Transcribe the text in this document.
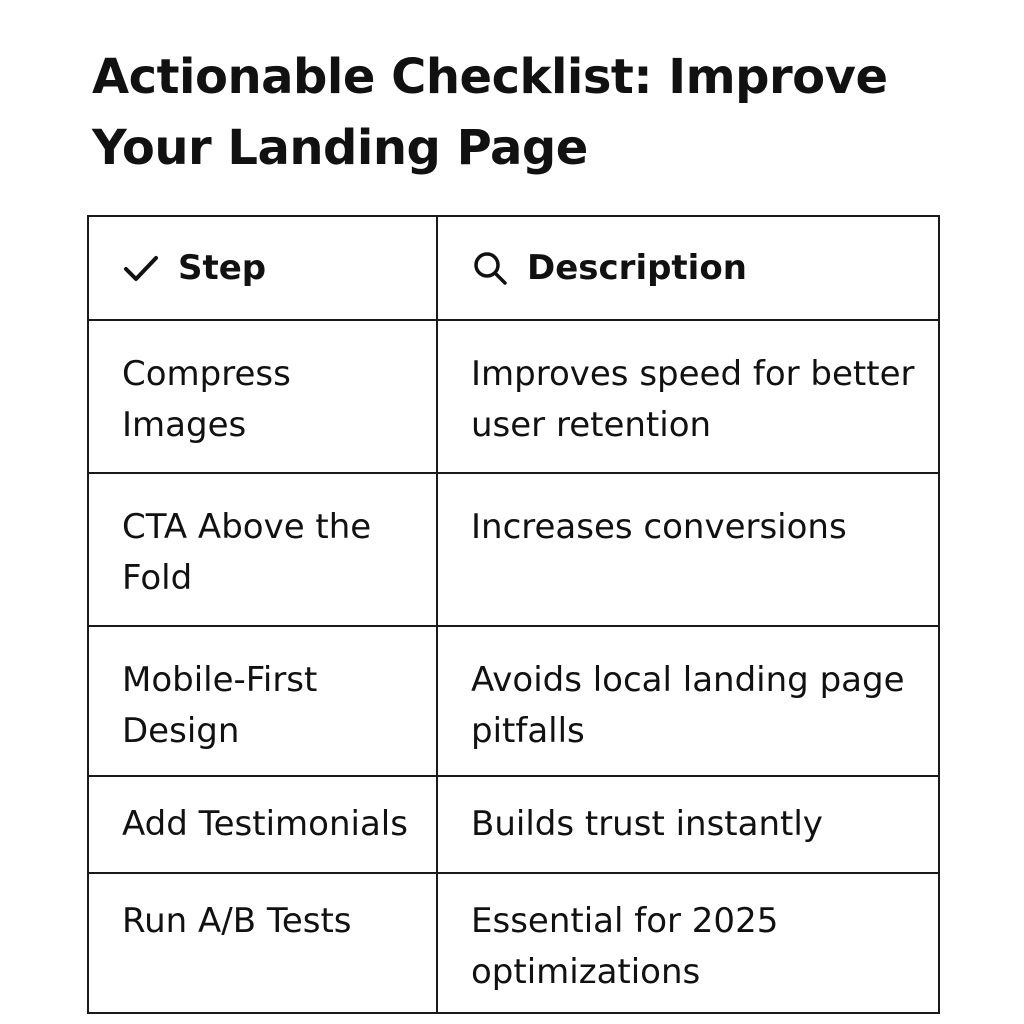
Actionable Checklist: Improve Your Landing Page
Step	Description

Compress Images	Improves speed for better user retention
CTA Above the Fold	Increases conversions
Mobile-First Design	Avoids local landing page pitfalls
Add Testimonials	Builds trust instantly
Run A/B Tests	Essential for 2025 optimizations
